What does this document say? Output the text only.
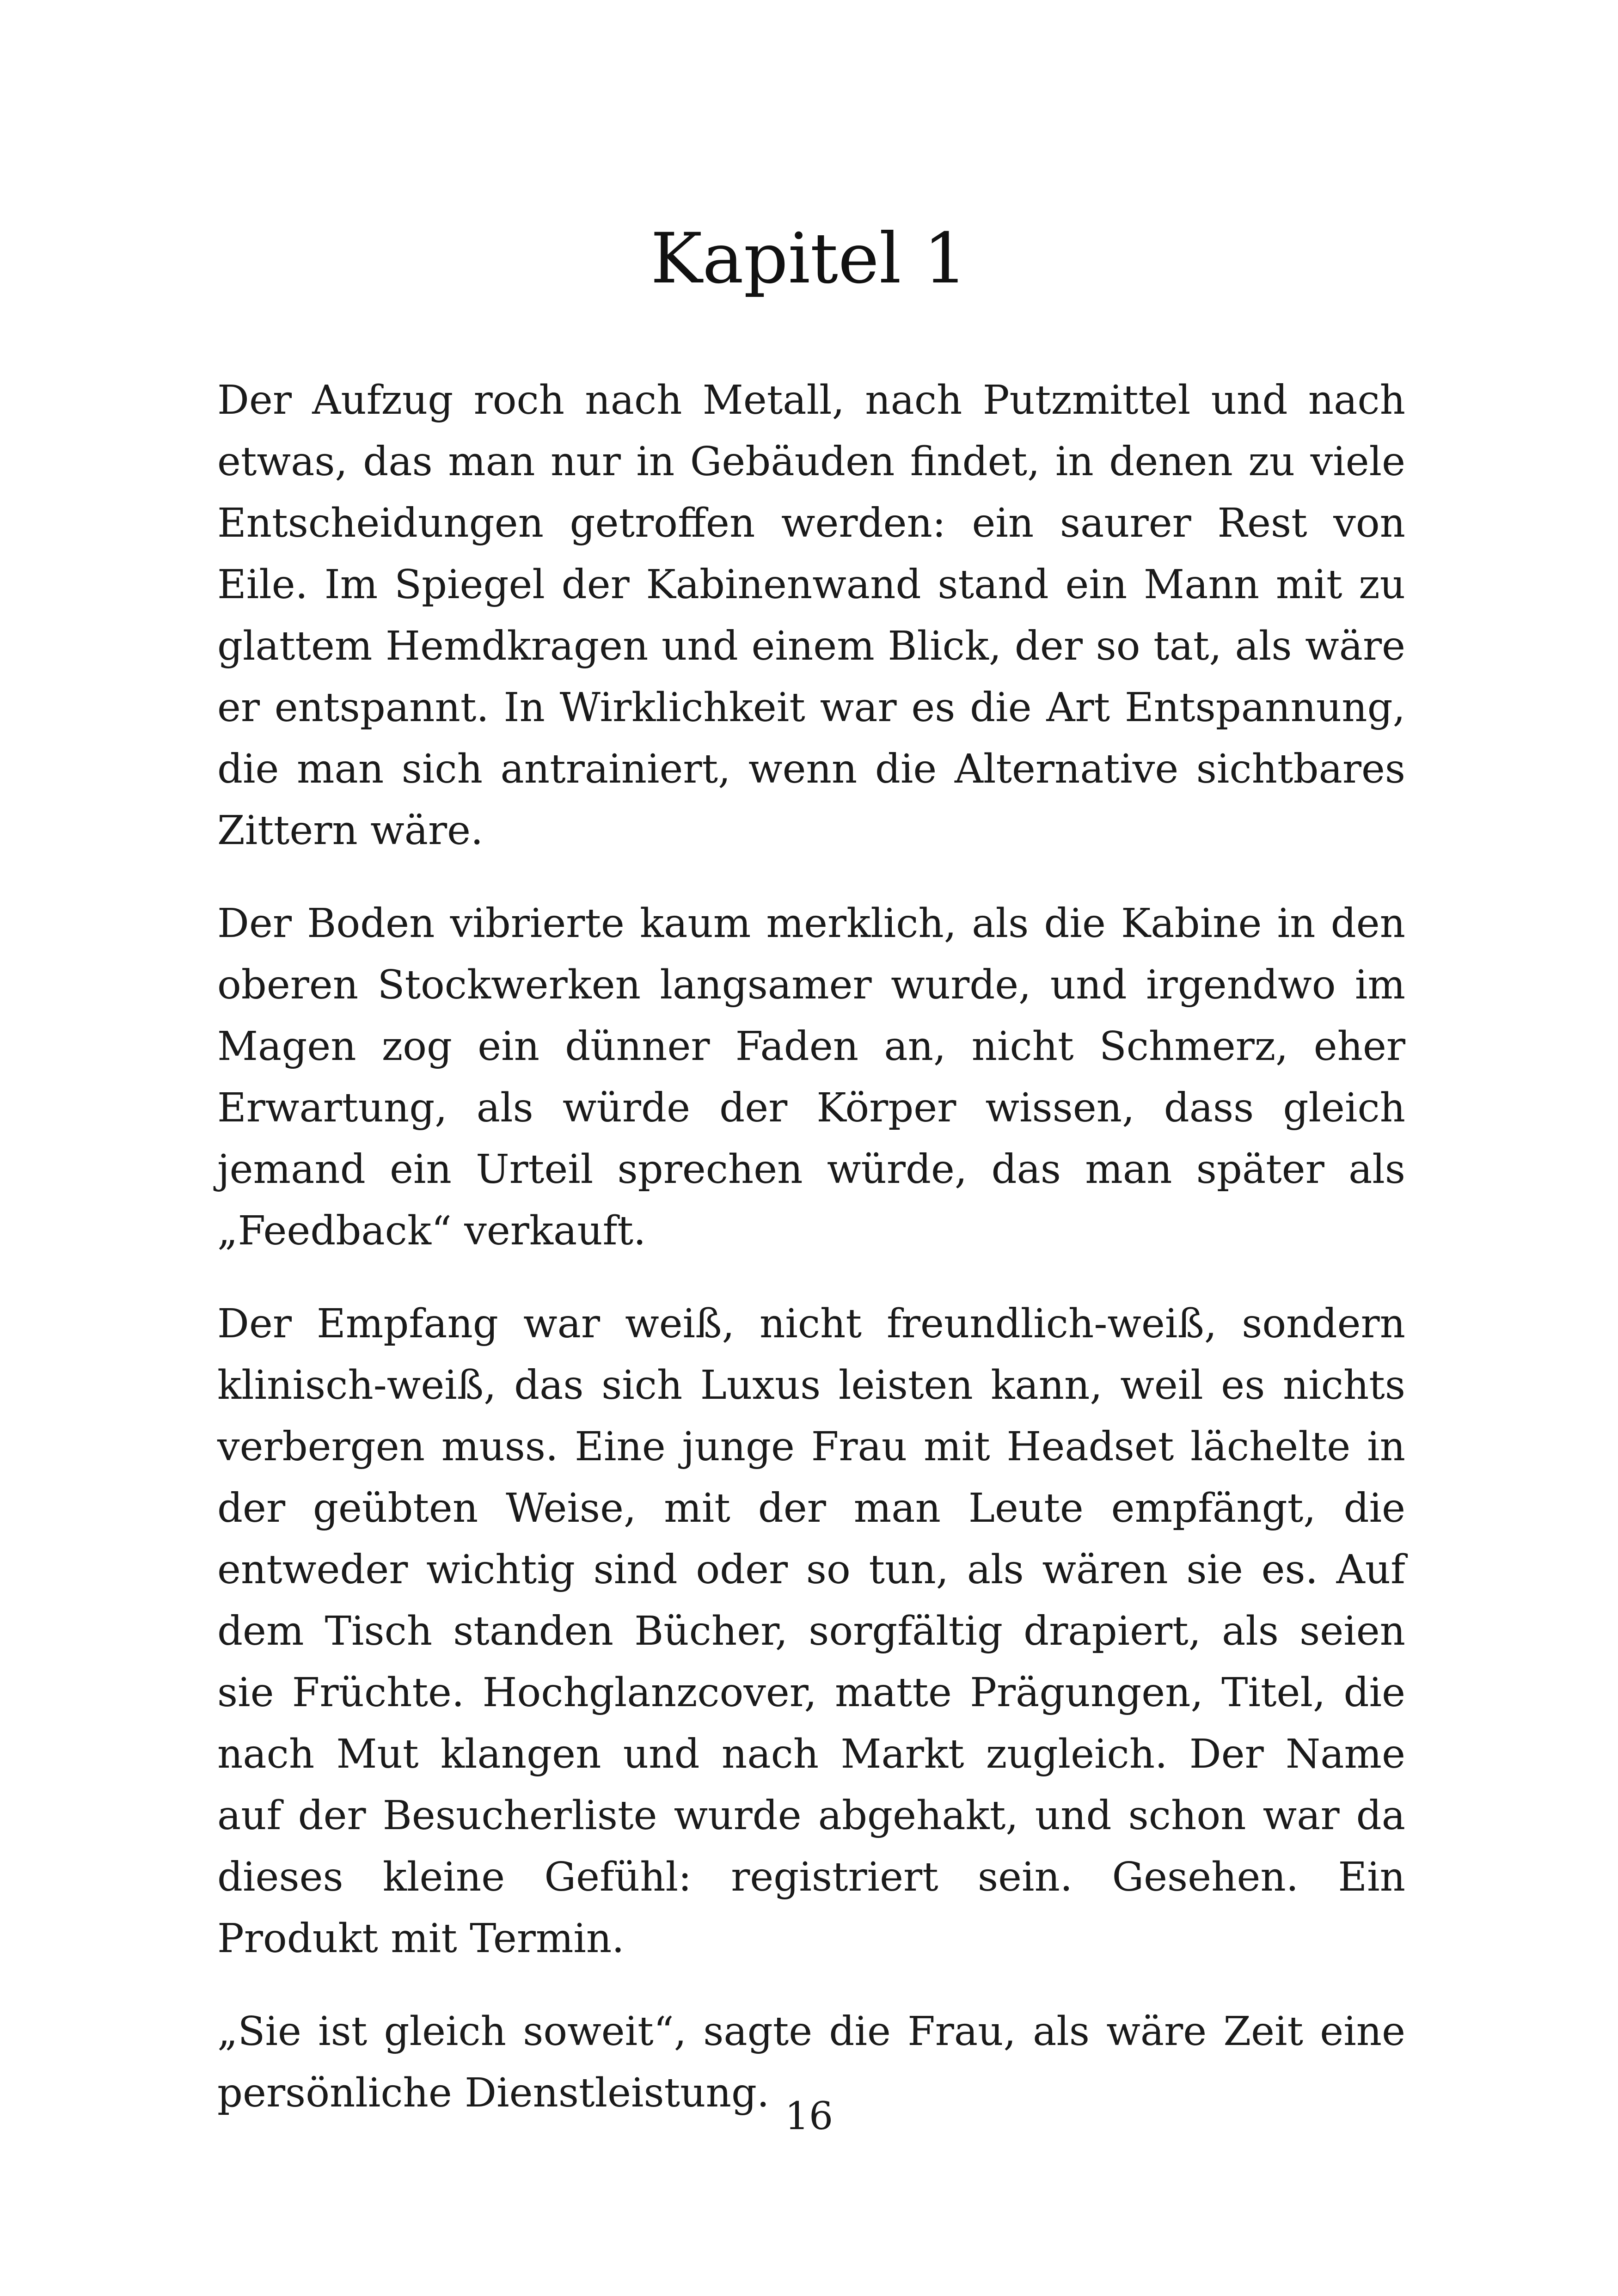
Kapitel 1

Der Aufzug roch nach Metall, nach Putzmittel und nach etwas, das man nur in Gebäuden findet, in denen zu viele Entscheidungen getroffen werden: ein saurer Rest von Eile. Im Spiegel der Kabinenwand stand ein Mann mit zu glattem Hemdkragen und einem Blick, der so tat, als wäre er entspannt. In Wirklichkeit war es die Art Entspannung, die man sich antrainiert, wenn die Alternative sichtbares Zittern wäre.

Der Boden vibrierte kaum merklich, als die Kabine in den oberen Stockwerken langsamer wurde, und irgendwo im Magen zog ein dünner Faden an, nicht Schmerz, eher Erwartung, als würde der Körper wissen, dass gleich jemand ein Urteil sprechen würde, das man später als „Feedback“ verkauft.

Der Empfang war weiß, nicht freundlich-weiß, sondern klinisch-weiß, das sich Luxus leisten kann, weil es nichts verbergen muss. Eine junge Frau mit Headset lächelte in der geübten Weise, mit der man Leute empfängt, die entweder wichtig sind oder so tun, als wären sie es. Auf dem Tisch standen Bücher, sorgfältig drapiert, als seien sie Früchte. Hochglanzcover, matte Prägungen, Titel, die nach Mut klangen und nach Markt zugleich. Der Name auf der Besucherliste wurde abgehakt, und schon war da dieses kleine Gefühl: registriert sein. Gesehen. Ein Produkt mit Termin.

„Sie ist gleich soweit“, sagte die Frau, als wäre Zeit eine persönliche Dienstleistung.

16
